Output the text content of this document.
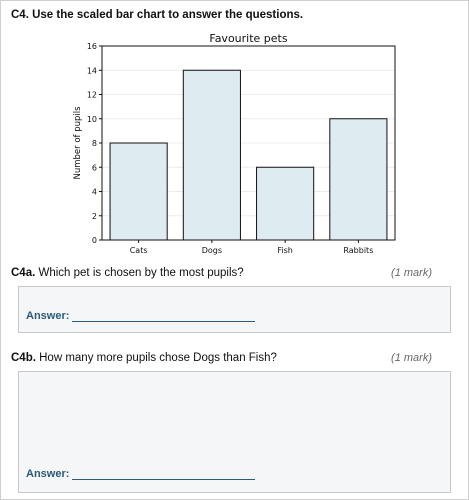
C4. Use the scaled bar chart to answer the questions.
Favourite pets
0
2
4
6
8
10
12
14
16
Cats	Dogs	Fish	Rabbits
Number of pupils
C4a. Which pet is chosen by the most pupils?	(1 mark)
Answer:
C4b. How many more pupils chose Dogs than Fish?	(1 mark)
Answer:
